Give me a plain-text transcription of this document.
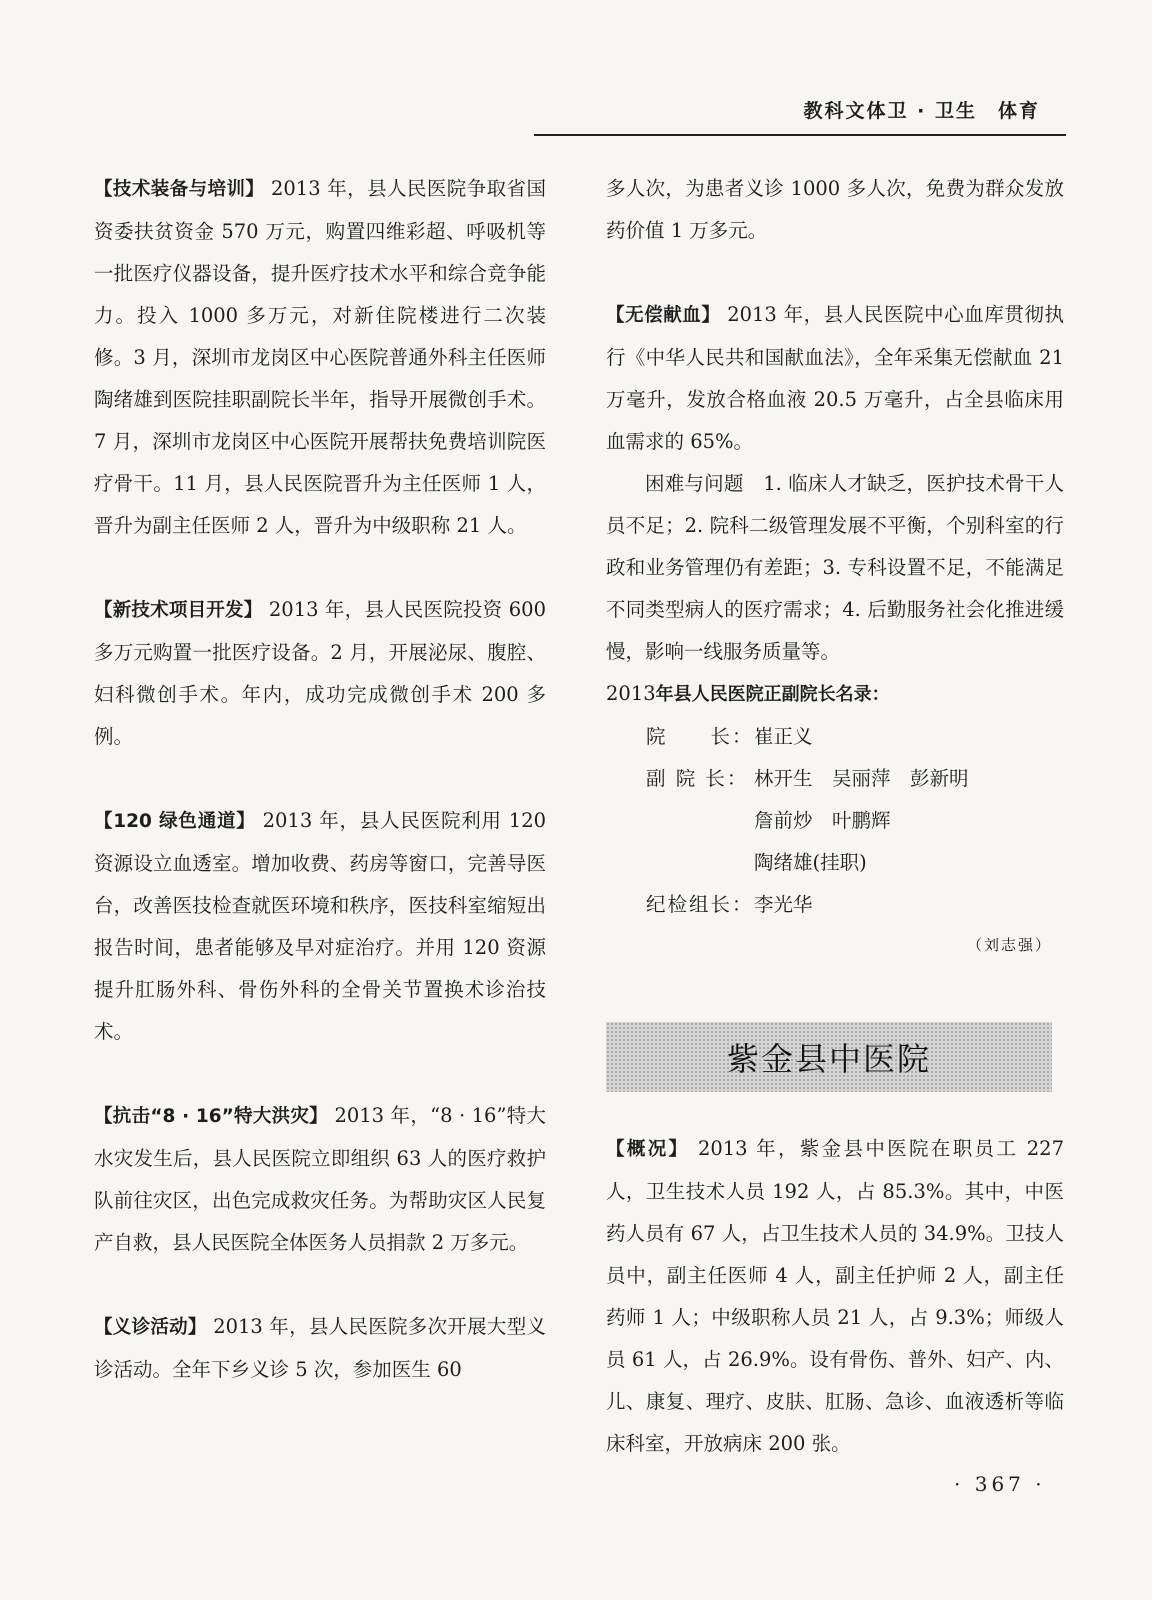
教科文体卫 · 卫生　体育

【技术装备与培训】 2013 年，县人民医院争取省国资委扶贫资金 570 万元，购置四维彩超、呼吸机等一批医疗仪器设备，提升医疗技术水平和综合竞争能力。投入 1000 多万元，对新住院楼进行二次装修。3 月，深圳市龙岗区中心医院普通外科主任医师陶绪雄到医院挂职副院长半年，指导开展微创手术。7 月，深圳市龙岗区中心医院开展帮扶免费培训院医疗骨干。11 月，县人民医院晋升为主任医师 1 人，晋升为副主任医师 2 人，晋升为中级职称 21 人。

【新技术项目开发】 2013 年，县人民医院投资 600 多万元购置一批医疗设备。2 月，开展泌尿、腹腔、妇科微创手术。年内，成功完成微创手术 200 多例。

【120 绿色通道】 2013 年，县人民医院利用 120 资源设立血透室。增加收费、药房等窗口，完善导医台，改善医技检查就医环境和秩序，医技科室缩短出报告时间，患者能够及早对症治疗。并用 120 资源提升肛肠外科、骨伤外科的全骨关节置换术诊治技术。

【抗击“8 · 16”特大洪灾】 2013 年，“8 · 16”特大水灾发生后，县人民医院立即组织 63 人的医疗救护队前往灾区，出色完成救灾任务。为帮助灾区人民复产自救，县人民医院全体医务人员捐款 2 万多元。

【义诊活动】 2013 年，县人民医院多次开展大型义诊活动。全年下乡义诊 5 次，参加医生 60

多人次，为患者义诊 1000 多人次，免费为群众发放药价值 1 万多元。

【无偿献血】 2013 年，县人民医院中心血库贯彻执行《中华人民共和国献血法》，全年采集无偿献血 21 万毫升，发放合格血液 20.5 万毫升，占全县临床用血需求的 65%。

困难与问题　 1. 临床人才缺乏，医护技术骨干人员不足；2. 院科二级管理发展不平衡，个别科室的行政和业务管理仍有差距；3. 专科设置不足，不能满足不同类型病人的医疗需求；4. 后勤服务社会化推进缓慢，影响一线服务质量等。

2013年县人民医院正副院长名录：
院　　长： 崔正义
副 院 长： 林开生　吴丽萍　彭新明
詹前炒　叶鹏辉
陶绪雄(挂职)
纪检组长： 李光华
（刘志强）
紫金县中医院

【概况】 2013 年，紫金县中医院在职员工 227 人，卫生技术人员 192 人，占 85.3%。其中，中医药人员有 67 人，占卫生技术人员的 34.9%。卫技人员中，副主任医师 4 人，副主任护师 2 人，副主任药师 1 人；中级职称人员 21 人，占 9.3%；师级人员 61 人，占 26.9%。设有骨伤、普外、妇产、内、儿、康复、理疗、皮肤、肛肠、急诊、血液透析等临床科室，开放病床 200 张。

· 367 ·
